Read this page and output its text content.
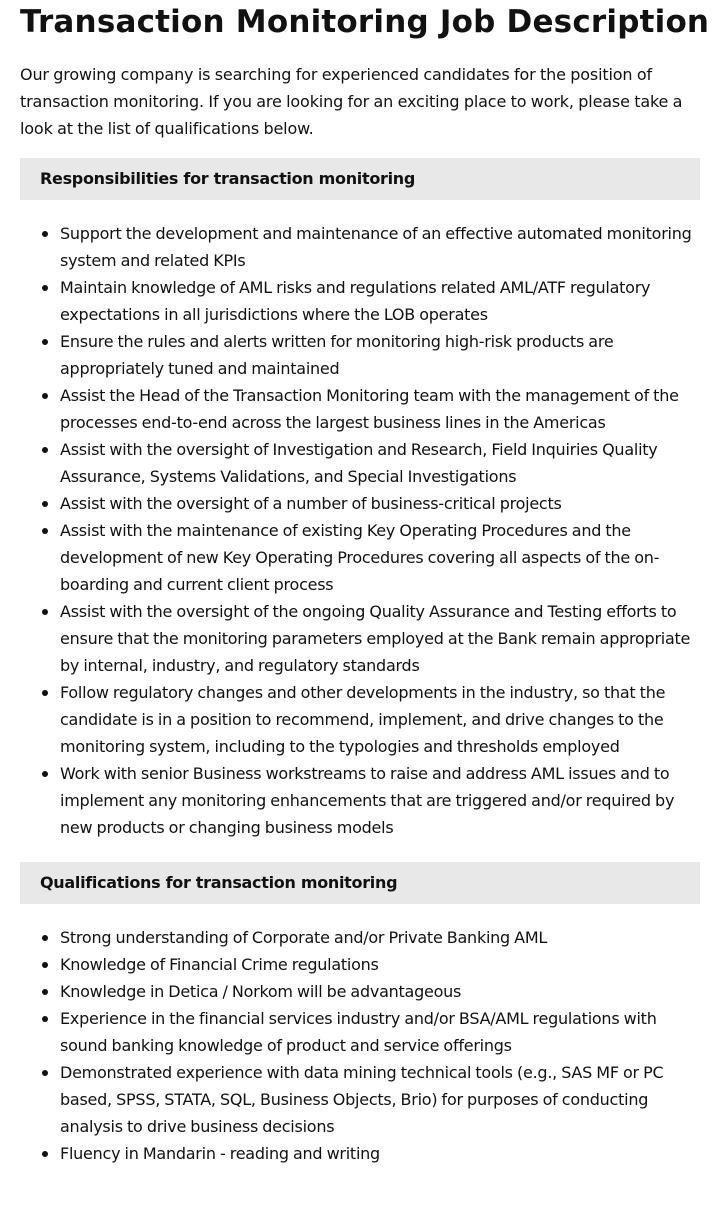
Transaction Monitoring Job Description

Our growing company is searching for experienced candidates for the position of transaction monitoring. If you are looking for an exciting place to work, please take a look at the list of qualifications below.

Responsibilities for transaction monitoring
Support the development and maintenance of an effective automated monitoring system and related KPIs
Maintain knowledge of AML risks and regulations related AML/ATF regulatory expectations in all jurisdictions where the LOB operates
Ensure the rules and alerts written for monitoring high-risk products are appropriately tuned and maintained
Assist the Head of the Transaction Monitoring team with the management of the processes end-to-end across the largest business lines in the Americas
Assist with the oversight of Investigation and Research, Field Inquiries Quality Assurance, Systems Validations, and Special Investigations
Assist with the oversight of a number of business-critical projects
Assist with the maintenance of existing Key Operating Procedures and the development of new Key Operating Procedures covering all aspects of the on-boarding and current client process
Assist with the oversight of the ongoing Quality Assurance and Testing efforts to ensure that the monitoring parameters employed at the Bank remain appropriate by internal, industry, and regulatory standards
Follow regulatory changes and other developments in the industry, so that the candidate is in a position to recommend, implement, and drive changes to the monitoring system, including to the typologies and thresholds employed
Work with senior Business workstreams to raise and address AML issues and to implement any monitoring enhancements that are triggered and/or required by new products or changing business models
Qualifications for transaction monitoring
Strong understanding of Corporate and/or Private Banking AML
Knowledge of Financial Crime regulations
Knowledge in Detica / Norkom will be advantageous
Experience in the financial services industry and/or BSA/AML regulations with sound banking knowledge of product and service offerings
Demonstrated experience with data mining technical tools (e.g., SAS MF or PC based, SPSS, STATA, SQL, Business Objects, Brio) for purposes of conducting analysis to drive business decisions
Fluency in Mandarin - reading and writing
